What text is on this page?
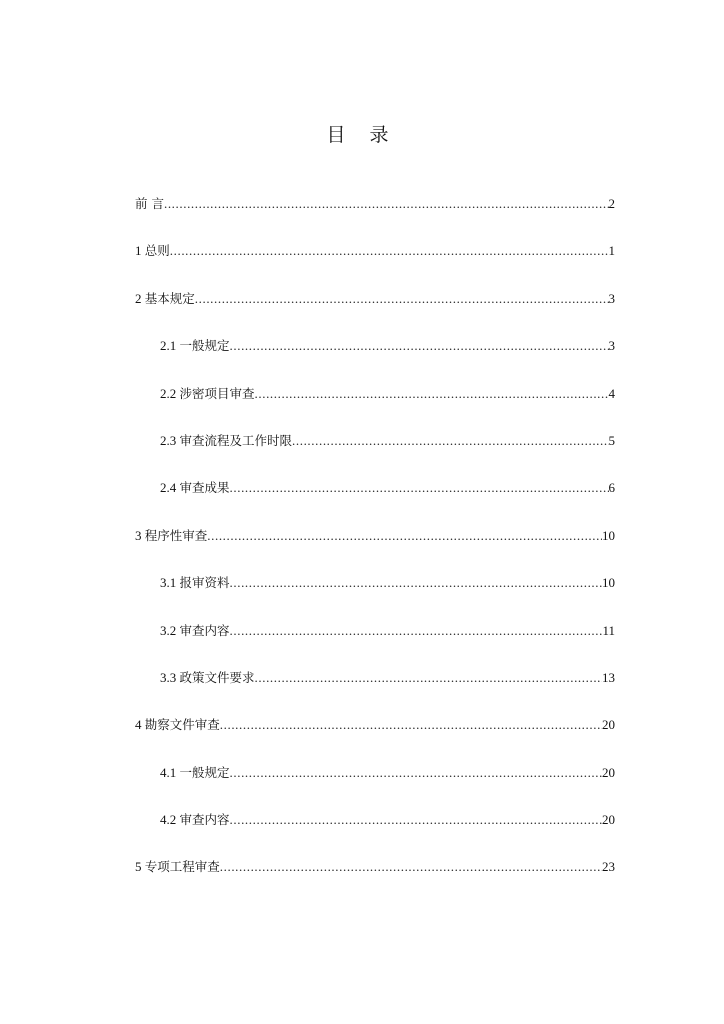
目 录
前 言 .....	2
1 总则 .....	1
2 基本规定 .....	3
2.1 一般规定 .....	3
2.2 涉密项目审查 .....	4
2.3 审查流程及工作时限 .....	5
2.4 审查成果 .....	6
3 程序性审查 .....	10
3.1 报审资料 .....	10
3.2 审查内容 .....	11
3.3 政策文件要求 .....	13
4 勘察文件审查 .....	20
4.1 一般规定 .....	20
4.2 审查内容 .....	20
5 专项工程审查 .....	23
